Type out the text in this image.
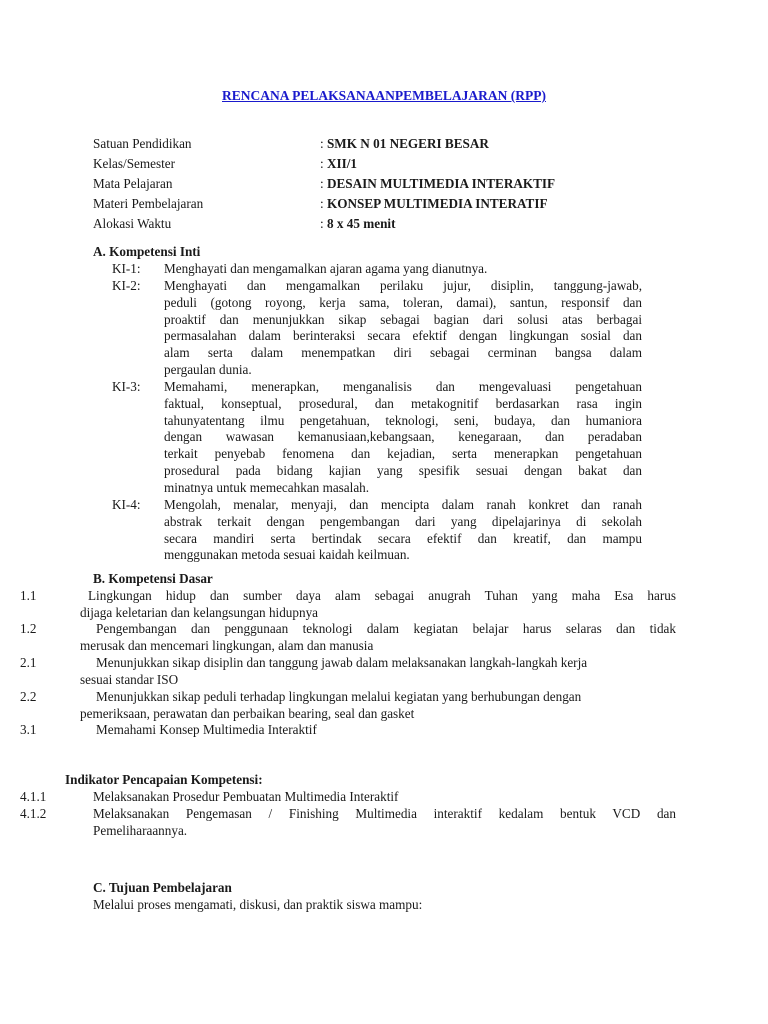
RENCANA PELAKSANAANPEMBELAJARAN (RPP)
Satuan Pendidikan	: SMK N 01 NEGERI BESAR
Kelas/Semester	: XII/1
Mata Pelajaran	: DESAIN MULTIMEDIA INTERAKTIF
Materi Pembelajaran	: KONSEP MULTIMEDIA INTERATIF
Alokasi Waktu	: 8 x 45 menit
A. Kompetensi Inti
KI-1: Menghayati dan mengamalkan ajaran agama yang dianutnya.
KI-2: Menghayati dan mengamalkan perilaku jujur, disiplin, tanggung-jawab,
peduli (gotong royong, kerja sama, toleran, damai), santun, responsif dan
proaktif dan menunjukkan sikap sebagai bagian dari solusi atas berbagai
permasalahan dalam berinteraksi secara efektif dengan lingkungan sosial dan
alam serta dalam menempatkan diri sebagai cerminan bangsa dalam
pergaulan dunia.
KI-3: Memahami, menerapkan, menganalisis dan mengevaluasi pengetahuan
faktual, konseptual, prosedural, dan metakognitif berdasarkan rasa ingin
tahunyatentang ilmu pengetahuan, teknologi, seni, budaya, dan humaniora
dengan wawasan kemanusiaan,kebangsaan, kenegaraan, dan peradaban
terkait penyebab fenomena dan kejadian, serta menerapkan pengetahuan
prosedural pada bidang kajian yang spesifik sesuai dengan bakat dan
minatnya untuk memecahkan masalah.
KI-4: Mengolah, menalar, menyaji, dan mencipta dalam ranah konkret dan ranah
abstrak terkait dengan pengembangan dari yang dipelajarinya di sekolah
secara mandiri serta bertindak secara efektif dan kreatif, dan mampu
menggunakan metoda sesuai kaidah keilmuan.
B. Kompetensi Dasar
1.1	Lingkungan hidup dan sumber daya alam sebagai anugrah Tuhan yang maha Esa harus
dijaga keletarian dan kelangsungan hidupnya
1.2	Pengembangan dan penggunaan teknologi dalam kegiatan belajar harus selaras dan tidak
merusak dan mencemari lingkungan, alam dan manusia
2.1	Menunjukkan sikap disiplin dan tanggung jawab dalam melaksanakan langkah-langkah kerja
sesuai standar ISO
2.2	Menunjukkan sikap peduli terhadap lingkungan melalui kegiatan yang berhubungan dengan
pemeriksaan, perawatan dan perbaikan bearing, seal dan gasket
3.1	Memahami Konsep Multimedia Interaktif
Indikator Pencapaian Kompetensi:
4.1.1	Melaksanakan Prosedur Pembuatan Multimedia Interaktif
4.1.2	Melaksanakan Pengemasan / Finishing Multimedia interaktif kedalam bentuk VCD dan
Pemeliharaannya.
C. Tujuan Pembelajaran
Melalui proses mengamati, diskusi, dan praktik siswa mampu:
